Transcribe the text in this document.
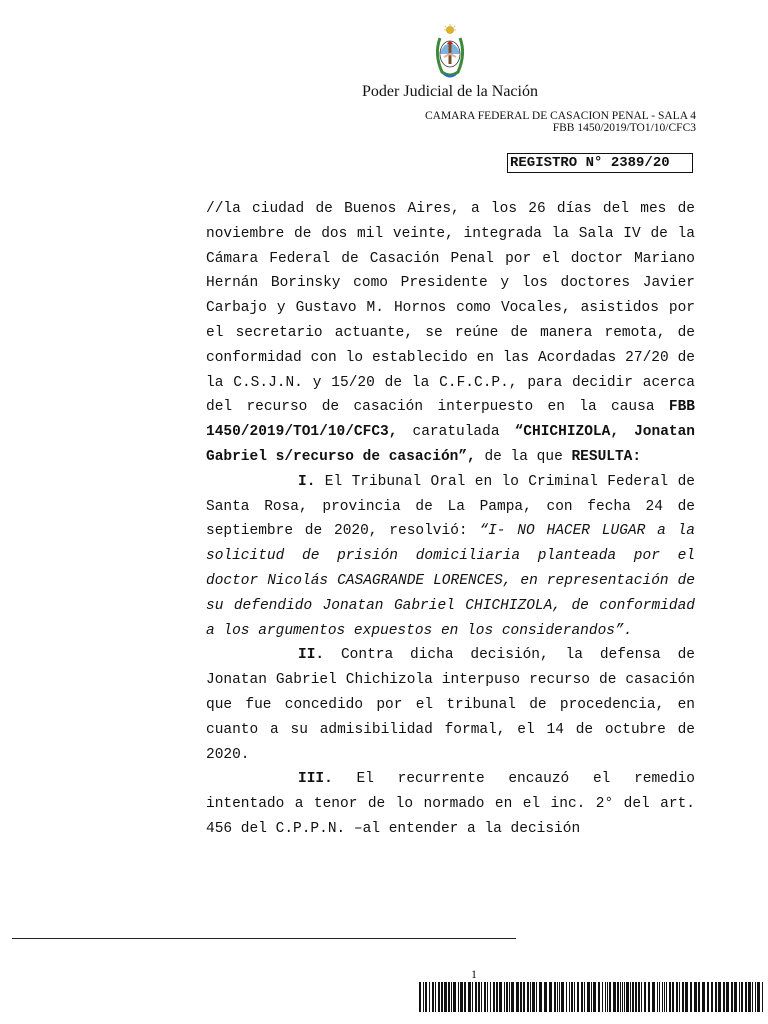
Poder Judicial de la Nación
CAMARA FEDERAL DE CASACION PENAL - SALA 4
FBB 1450/2019/TO1/10/CFC3
REGISTRO N° 2389/20

//la ciudad de Buenos Aires, a los 26 días del mes de noviembre de dos mil veinte, integrada la Sala IV de la Cámara Federal de Casación Penal por el doctor Mariano Hernán Borinsky como Presidente y los doctores Javier Carbajo y Gustavo M. Hornos como Vocales, asistidos por el secretario actuante, se reúne de manera remota, de conformidad con lo establecido en las Acordadas 27/20 de la C.S.J.N. y 15/20 de la C.F.C.P., para decidir acerca del recurso de casación interpuesto en la causa FBB 1450/2019/TO1/10/CFC3, caratulada “CHICHIZOLA, Jonatan Gabriel s/recurso de casación”, de la que RESULTA:

I. El Tribunal Oral en lo Criminal Federal de Santa Rosa, provincia de La Pampa, con fecha 24 de septiembre de 2020, resolvió: “I- NO HACER LUGAR a la solicitud de prisión domiciliaria planteada por el doctor Nicolás CASAGRANDE LORENCES, en representación de su defendido Jonatan Gabriel CHICHIZOLA, de conformidad a los argumentos expuestos en los considerandos”.

II. Contra dicha decisión, la defensa de Jonatan Gabriel Chichizola interpuso recurso de casación que fue concedido por el tribunal de procedencia, en cuanto a su admisibilidad formal, el 14 de octubre de 2020.

III. El recurrente encauzó el remedio intentado a tenor de lo normado en el inc. 2° del art. 456 del C.P.P.N. –al entender a la decisión

1
